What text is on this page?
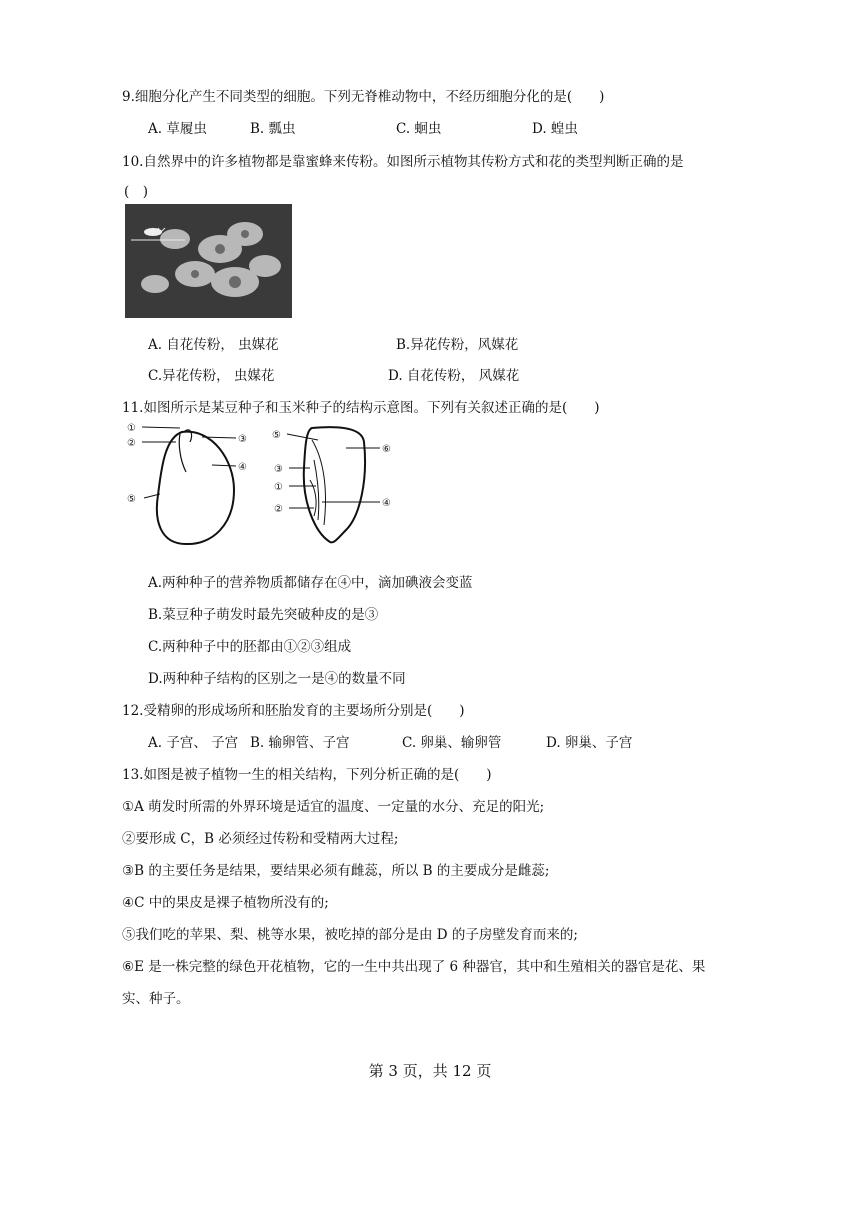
9.细胞分化产生不同类型的细胞。下列无脊椎动物中，不经历细胞分化的是(　　)
A. 草履虫	B. 瓢虫	C. 蛔虫	D. 蝗虫
10.自然界中的许多植物都是靠蜜蜂来传粉。如图所示植物其传粉方式和花的类型判断正确的是
(　)
A. 自花传粉， 虫媒花	B.异花传粉，风媒花
C.异花传粉， 虫媒花	D. 自花传粉， 风媒花
11.如图所示是某豆种子和玉米种子的结构示意图。下列有关叙述正确的是(　　)
①
②	③
④
⑤
⑤
⑥
③
①
④
②
A.两种种子的营养物质都储存在④中，滴加碘液会变蓝
B.菜豆种子萌发时最先突破种皮的是③
C.两种种子中的胚都由①②③组成
D.两种种子结构的区别之一是④的数量不同
12.受精卵的形成场所和胚胎发育的主要场所分别是(　　)
A. 子宫、 子宫 B. 输卵管、子宫	C. 卵巢、输卵管	D. 卵巢、子宫
13.如图是被子植物一生的相关结构，下列分析正确的是(　　)
①A 萌发时所需的外界环境是适宜的温度、一定量的水分、充足的阳光;
②要形成 C，B 必须经过传粉和受精两大过程;
③B 的主要任务是结果，要结果必须有雌蕊，所以 B 的主要成分是雌蕊;
④C 中的果皮是裸子植物所没有的;
⑤我们吃的苹果、梨、桃等水果，被吃掉的部分是由 D 的子房壁发育而来的;
⑥E 是一株完整的绿色开花植物，它的一生中共出现了 6 种器官，其中和生殖相关的器官是花、果
实、种子。
第 3 页，共 12 页
